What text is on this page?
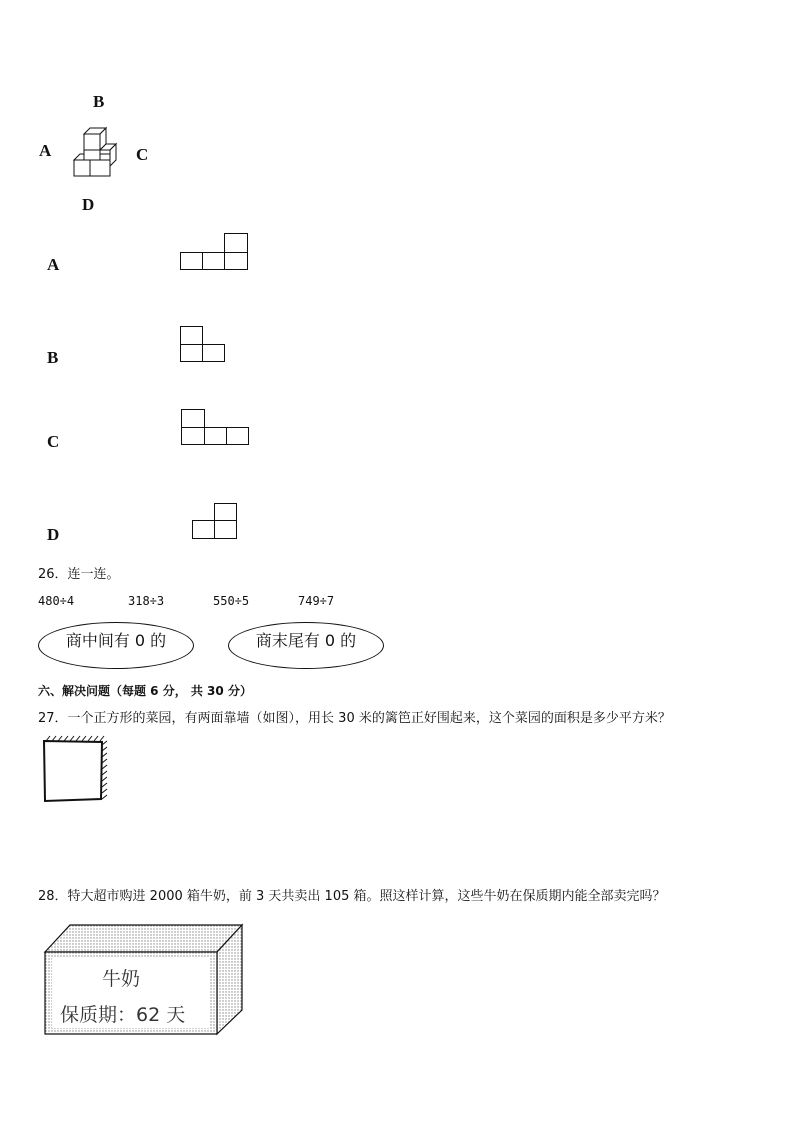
B
A	C
D
A
B
C
D
26．连一连。
480÷4	318÷3	550÷5	749÷7
商中间有 0 的	商末尾有 0 的
六、解决问题（每题 6 分， 共 30 分）
27．一个正方形的菜园，有两面靠墙（如图），用长 30 米的篱笆正好围起来，这个菜园的面积是多少平方米？
28．特大超市购进 2000 箱牛奶，前 3 天共卖出 105 箱。照这样计算，这些牛奶在保质期内能全部卖完吗？
牛奶
保质期：62 天
